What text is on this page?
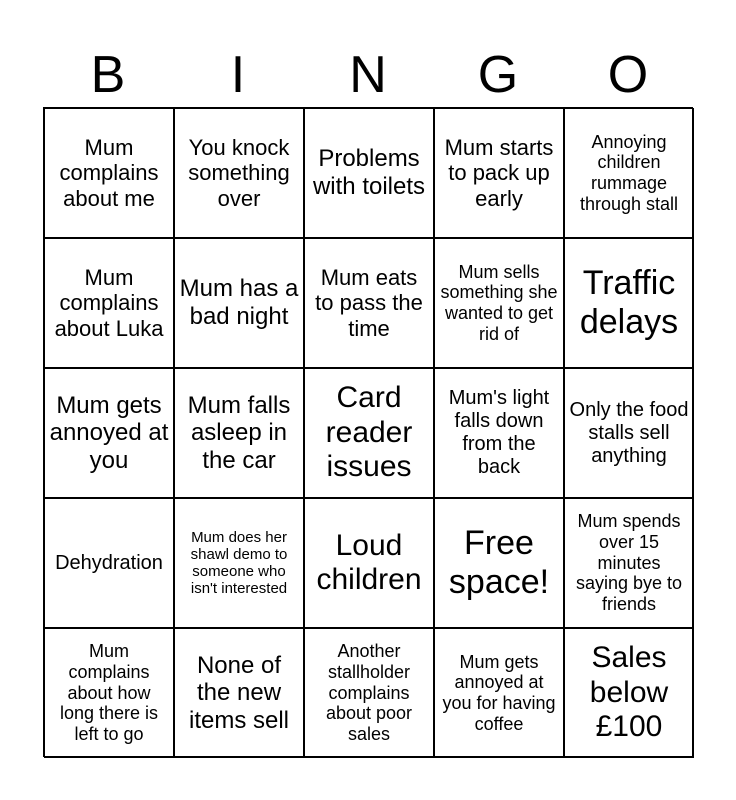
B	I	N	G	O
Mum complains about me
You knock something over
Problems with toilets
Mum starts to pack up early
Annoying children rummage through stall
Mum complains about Luka
Mum has a bad night
Mum eats to pass the time
Mum sells something she wanted to get rid of
Traffic delays
Mum gets annoyed at you
Mum falls asleep in the car
Card reader issues
Mum's light falls down from the back
Only the food stalls sell anything
Dehydration
Mum does her shawl demo to someone who isn't interested
Loud children
Free space!
Mum spends over 15 minutes saying bye to friends
Mum complains about how long there is left to go
None of the new items sell
Another stallholder complains about poor sales
Mum gets annoyed at you for having coffee
Sales below £100
